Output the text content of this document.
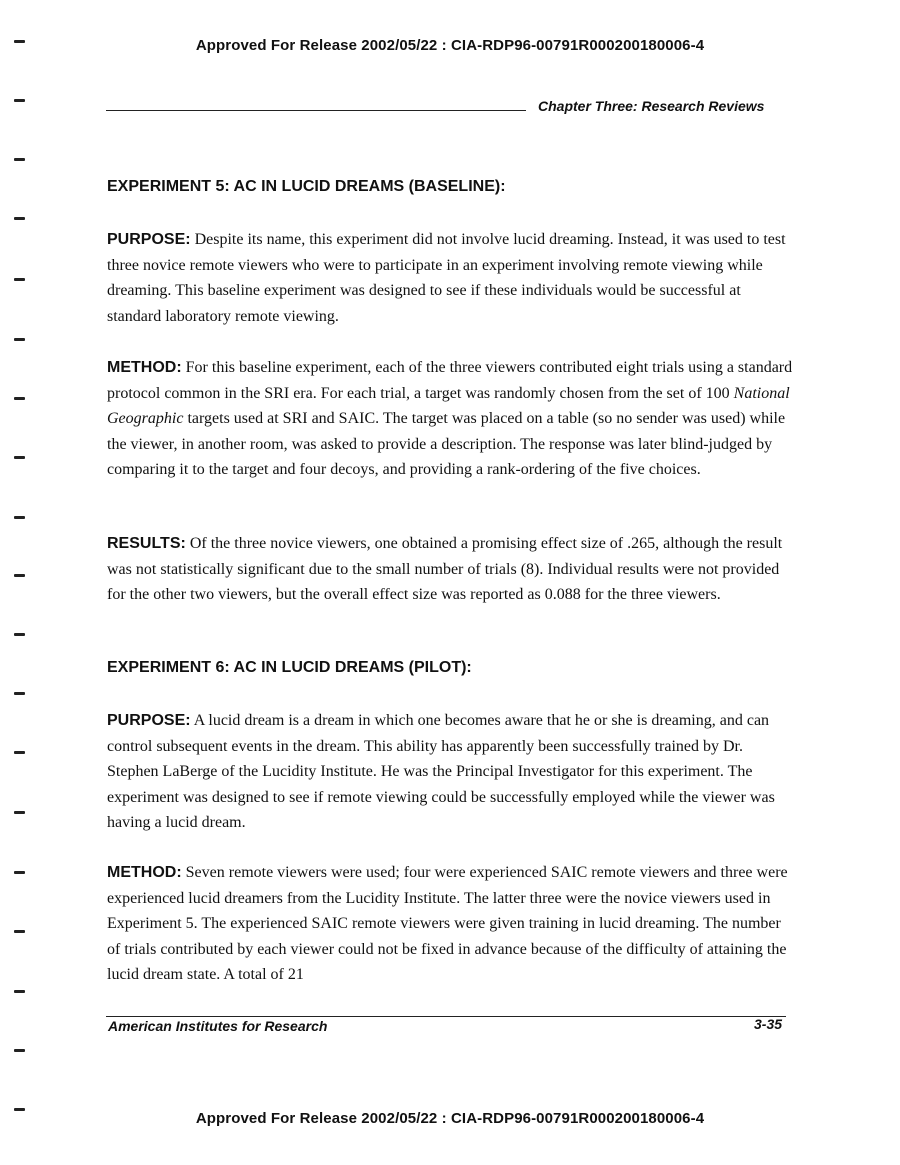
Approved For Release 2002/05/22 : CIA-RDP96-00791R000200180006-4
Chapter Three: Research Reviews
EXPERIMENT 5: AC IN LUCID DREAMS (BASELINE):

PURPOSE: Despite its name, this experiment did not involve lucid dreaming. Instead, it was used to test three novice remote viewers who were to participate in an experiment involving remote viewing while dreaming. This baseline experiment was designed to see if these individuals would be successful at standard laboratory remote viewing.

METHOD: For this baseline experiment, each of the three viewers contributed eight trials using a standard protocol common in the SRI era. For each trial, a target was randomly chosen from the set of 100 National Geographic targets used at SRI and SAIC. The target was placed on a table (so no sender was used) while the viewer, in another room, was asked to provide a description. The response was later blind-judged by comparing it to the target and four decoys, and providing a rank-ordering of the five choices.

RESULTS: Of the three novice viewers, one obtained a promising effect size of .265, although the result was not statistically significant due to the small number of trials (8). Individual results were not provided for the other two viewers, but the overall effect size was reported as 0.088 for the three viewers.

EXPERIMENT 6: AC IN LUCID DREAMS (PILOT):

PURPOSE: A lucid dream is a dream in which one becomes aware that he or she is dreaming, and can control subsequent events in the dream. This ability has apparently been successfully trained by Dr. Stephen LaBerge of the Lucidity Institute. He was the Principal Investigator for this experiment. The experiment was designed to see if remote viewing could be successfully employed while the viewer was having a lucid dream.

METHOD: Seven remote viewers were used; four were experienced SAIC remote viewers and three were experienced lucid dreamers from the Lucidity Institute. The latter three were the novice viewers used in Experiment 5. The experienced SAIC remote viewers were given training in lucid dreaming. The number of trials contributed by each viewer could not be fixed in advance because of the difficulty of attaining the lucid dream state. A total of 21

American Institutes for Research	3-35
Approved For Release 2002/05/22 : CIA-RDP96-00791R000200180006-4
